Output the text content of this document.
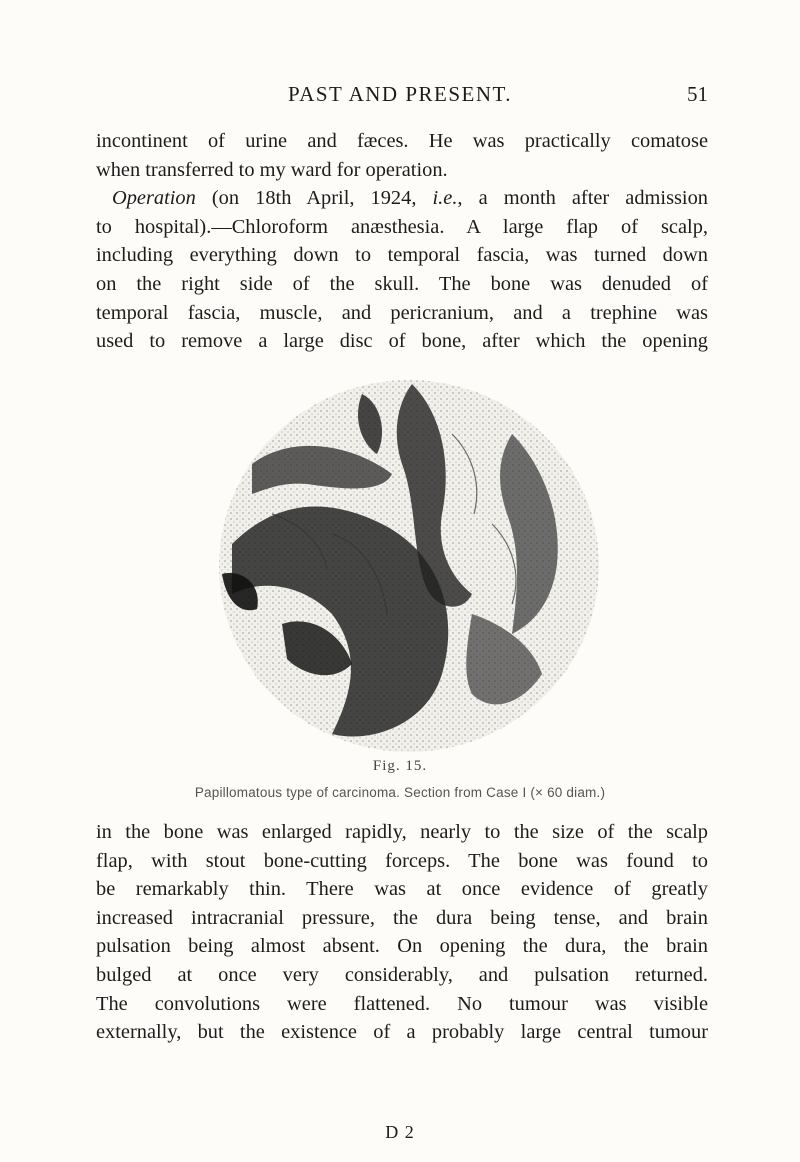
PAST AND PRESENT.	51
incontinent of urine and fæces. He was practically comatose
when transferred to my ward for operation.
Operation (on 18th April, 1924, i.e., a month after admission
to hospital).—Chloroform anæsthesia. A large flap of scalp,
including everything down to temporal fascia, was turned down
on the right side of the skull. The bone was denuded of
temporal fascia, muscle, and pericranium, and a trephine was
used to remove a large disc of bone, after which the opening
Fig. 15.
Papillomatous type of carcinoma. Section from Case I (× 60 diam.)
in the bone was enlarged rapidly, nearly to the size of the scalp
flap, with stout bone-cutting forceps. The bone was found to
be remarkably thin. There was at once evidence of greatly
increased intracranial pressure, the dura being tense, and brain
pulsation being almost absent. On opening the dura, the brain
bulged at once very considerably, and pulsation returned.
The convolutions were flattened. No tumour was visible
externally, but the existence of a probably large central tumour
D 2
